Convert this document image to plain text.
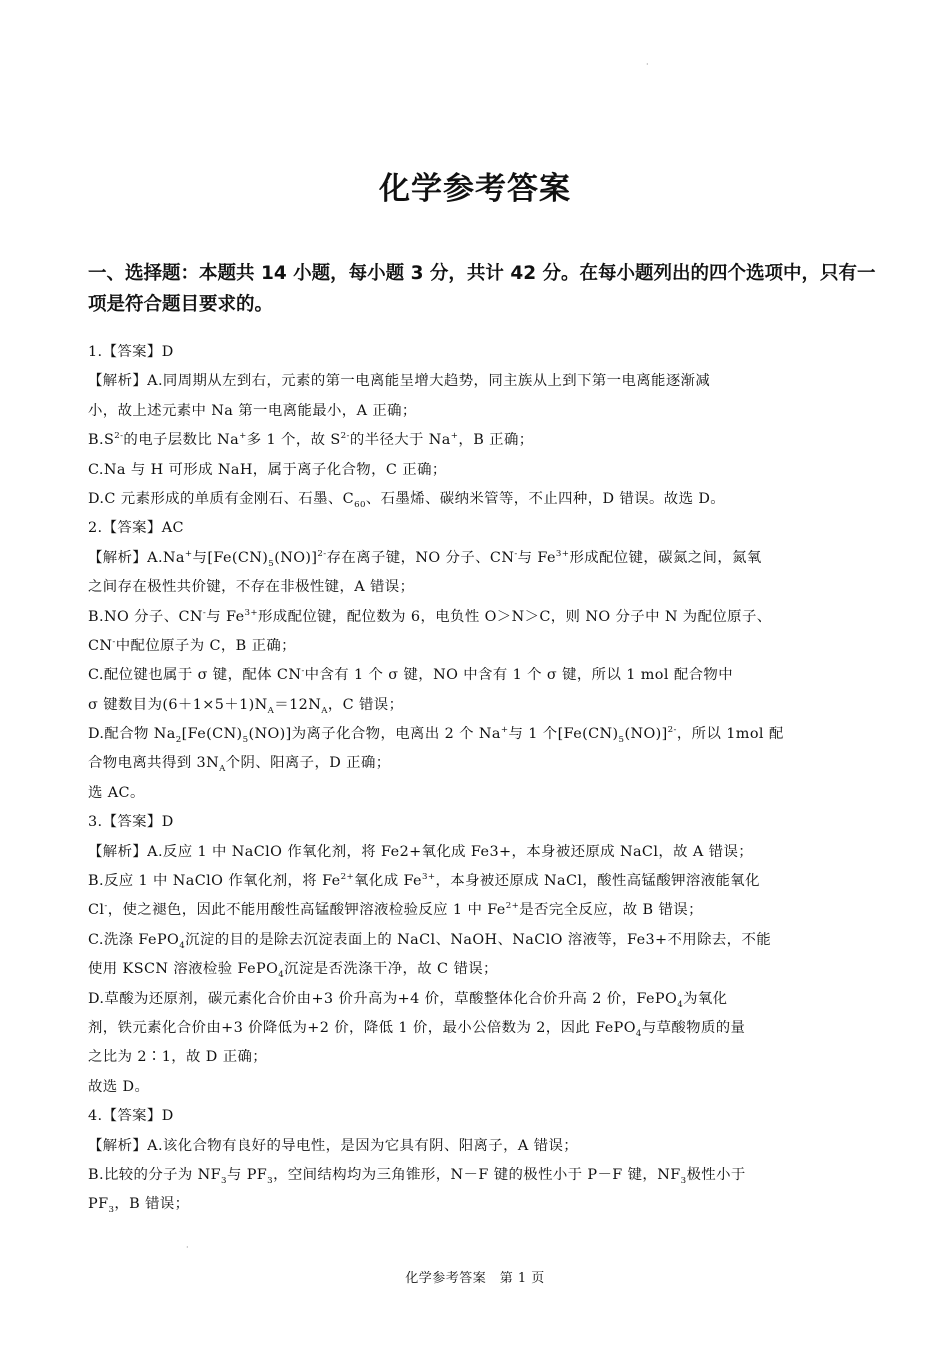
·
·
化学参考答案

一、选择题：本题共 14 小题，每小题 3 分，共计 42 分。在每小题列出的四个选项中，只有一项是符合题目要求的。

1.【答案】D
【解析】A.同周期从左到右，元素的第一电离能呈增大趋势，同主族从上到下第一电离能逐渐减
小，故上述元素中 Na 第一电离能最小，A 正确；
$B.S^{2-}$的电子层数比 Na+多 1 个，故 $S^{2-}$的半径大于 Na+，B 正确；
C.Na 与 H 可形成 NaH，属于离子化合物，C 正确；
D.C 元素形成的单质有金刚石、石墨、$C_{60}$、石墨烯、碳纳米管等，不止四种，D 错误。故选 D。
2.【答案】AC
【解析】A.Na+与$[Fe(CN)_5(NO)]^{2-}$存在离子键，NO 分子、CN-与 $Fe^{3+}$形成配位键，碳氮之间，氮氧
之间存在极性共价键，不存在非极性键，A 错误；
B.NO 分子、CN-与 $Fe^{3+}$形成配位键，配位数为 6，电负性 O＞N＞C，则 NO 分子中 N 为配位原子、
CN-中配位原子为 C，B 正确；
C.配位键也属于 σ 键，配体 CN-中含有 1 个 σ 键，NO 中含有 1 个 σ 键，所以 1 mol 配合物中
σ 键数目为$(6+1\times 5+1)N_A=12N_A$，C 错误；
D.配合物 $Na_2[Fe(CN)_5(NO)]$为离子化合物，电离出 2 个 Na+与 1 个$[Fe(CN)_5(NO)]^{2-}$，所以 1mol 配
合物电离共得到 $3N_A$个阴、阳离子，D 正确；
选 AC。
3.【答案】D
【解析】A.反应 1 中 NaClO 作氧化剂，将 Fe2+氧化成 Fe3+，本身被还原成 NaCl，故 A 错误；
B.反应 1 中 NaClO 作氧化剂，将 $Fe^{2+}$氧化成 $Fe^{3+}$，本身被还原成 NaCl，酸性高锰酸钾溶液能氧化
Cl-，使之褪色，因此不能用酸性高锰酸钾溶液检验反应 1 中 $Fe^{2+}$是否完全反应，故 B 错误；
C.洗涤 FePO$_4$沉淀的目的是除去沉淀表面上的 NaCl、NaOH、NaClO 溶液等，Fe3+不用除去，不能
使用 KSCN 溶液检验 FePO$_4$沉淀是否洗涤干净，故 C 错误；
D.草酸为还原剂，碳元素化合价由+3 价升高为+4 价，草酸整体化合价升高 2 价，FePO$_4$为氧化
剂，铁元素化合价由+3 价降低为+2 价，降低 1 价，最小公倍数为 2，因此 FePO$_4$与草酸物质的量
之比为 2∶1，故 D 正确；
故选 D。
4.【答案】D
【解析】A.该化合物有良好的导电性，是因为它具有阴、阳离子，A 错误；
B.比较的分子为 $NF_3$与 $PF_3$，空间结构均为三角锥形，N－F 键的极性小于 P－F 键，$NF_3$极性小于
$PF_3$，B 错误；
化学参考答案　第 1 页
